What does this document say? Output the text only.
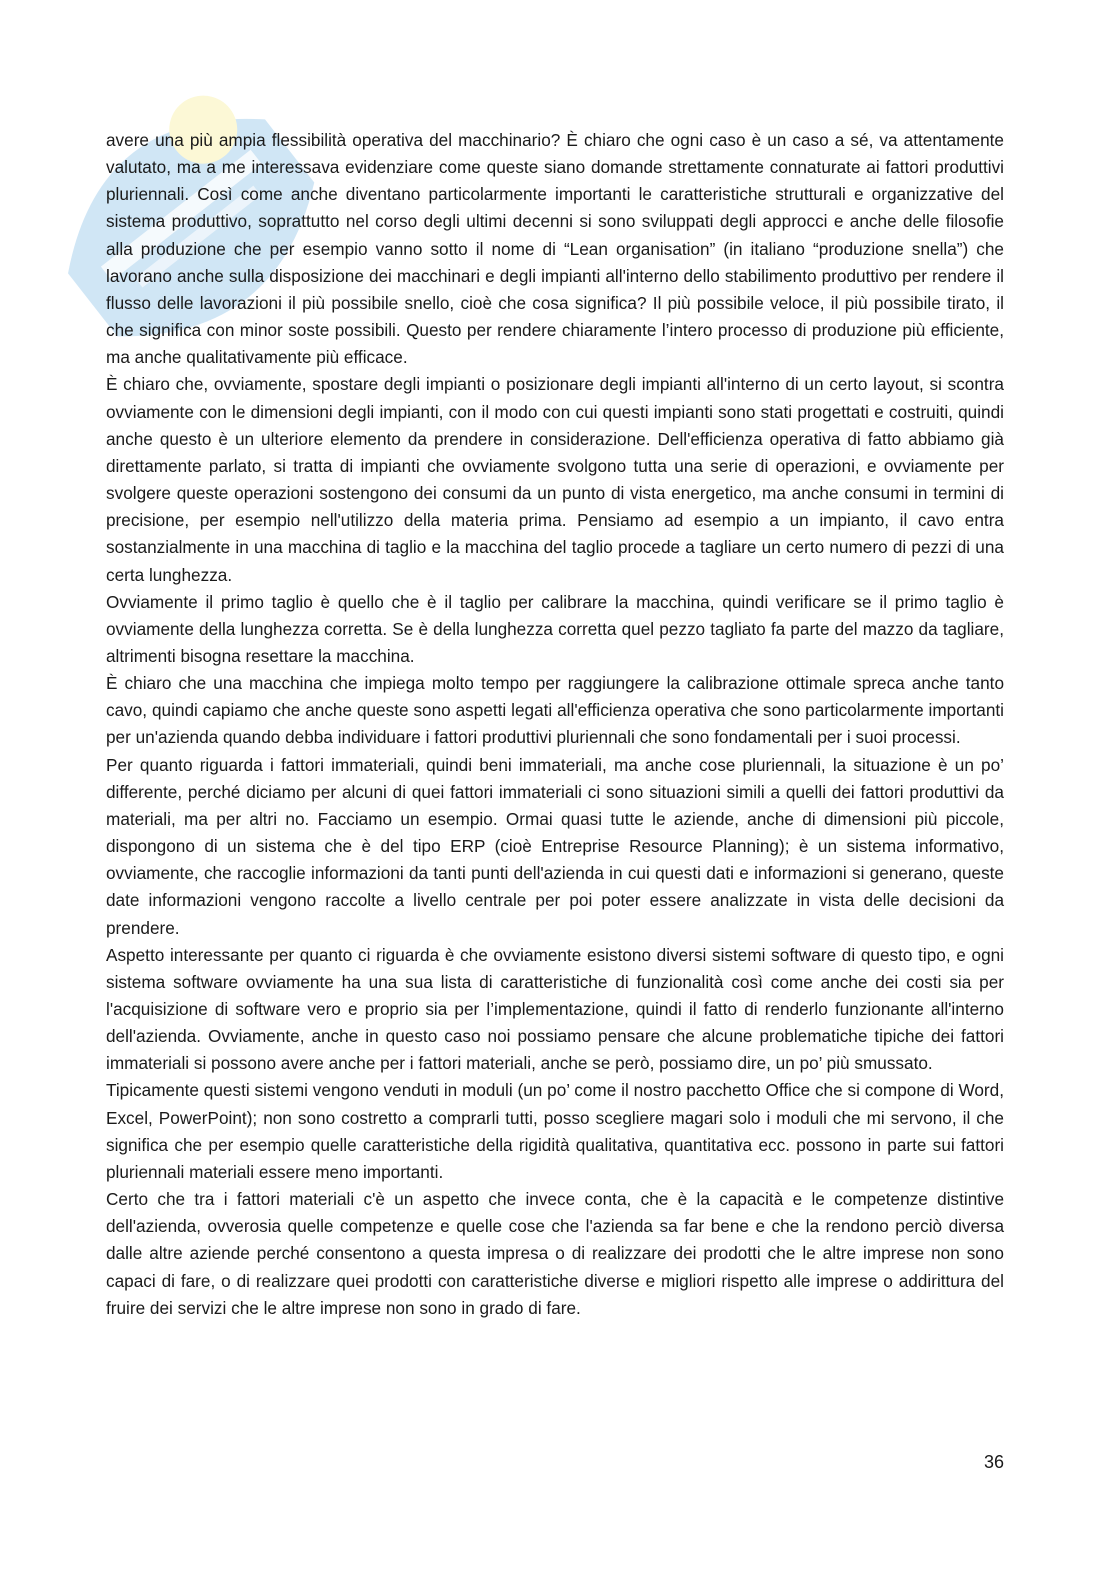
avere una più ampia flessibilità operativa del macchinario? È chiaro che ogni caso è un caso a sé, va attentamente valutato, ma a me interessava evidenziare come queste siano domande strettamente connaturate ai fattori produttivi pluriennali. Così come anche diventano particolarmente importanti le caratteristiche strutturali e organizzative del sistema produttivo, soprattutto nel corso degli ultimi decenni si sono sviluppati degli approcci e anche delle filosofie alla produzione che per esempio vanno sotto il nome di “Lean organisation” (in italiano “produzione snella”) che lavorano anche sulla disposizione dei macchinari e degli impianti all'interno dello stabilimento produttivo per rendere il flusso delle lavorazioni il più possibile snello, cioè che cosa significa? Il più possibile veloce, il più possibile tirato, il che significa con minor soste possibili. Questo per rendere chiaramente l’intero processo di produzione più efficiente, ma anche qualitativamente più efficace.

È chiaro che, ovviamente, spostare degli impianti o posizionare degli impianti all'interno di un certo layout, si scontra ovviamente con le dimensioni degli impianti, con il modo con cui questi impianti sono stati progettati e costruiti, quindi anche questo è un ulteriore elemento da prendere in considerazione. Dell'efficienza operativa di fatto abbiamo già direttamente parlato, si tratta di impianti che ovviamente svolgono tutta una serie di operazioni, e ovviamente per svolgere queste operazioni sostengono dei consumi da un punto di vista energetico, ma anche consumi in termini di precisione, per esempio nell'utilizzo della materia prima. Pensiamo ad esempio a un impianto, il cavo entra sostanzialmente in una macchina di taglio e la macchina del taglio procede a tagliare un certo numero di pezzi di una certa lunghezza.

Ovviamente il primo taglio è quello che è il taglio per calibrare la macchina, quindi verificare se il primo taglio è ovviamente della lunghezza corretta. Se è della lunghezza corretta quel pezzo tagliato fa parte del mazzo da tagliare, altrimenti bisogna resettare la macchina.

È chiaro che una macchina che impiega molto tempo per raggiungere la calibrazione ottimale spreca anche tanto cavo, quindi capiamo che anche queste sono aspetti legati all'efficienza operativa che sono particolarmente importanti per un'azienda quando debba individuare i fattori produttivi pluriennali che sono fondamentali per i suoi processi.

Per quanto riguarda i fattori immateriali, quindi beni immateriali, ma anche cose pluriennali, la situazione è un po’ differente, perché diciamo per alcuni di quei fattori immateriali ci sono situazioni simili a quelli dei fattori produttivi da materiali, ma per altri no. Facciamo un esempio. Ormai quasi tutte le aziende, anche di dimensioni più piccole, dispongono di un sistema che è del tipo ERP (cioè Entreprise Resource Planning); è un sistema informativo, ovviamente, che raccoglie informazioni da tanti punti dell'azienda in cui questi dati e informazioni si generano, queste date informazioni vengono raccolte a livello centrale per poi poter essere analizzate in vista delle decisioni da prendere.

Aspetto interessante per quanto ci riguarda è che ovviamente esistono diversi sistemi software di questo tipo, e ogni sistema software ovviamente ha una sua lista di caratteristiche di funzionalità così come anche dei costi sia per l'acquisizione di software vero e proprio sia per l’implementazione, quindi il fatto di renderlo funzionante all'interno dell'azienda. Ovviamente, anche in questo caso noi possiamo pensare che alcune problematiche tipiche dei fattori immateriali si possono avere anche per i fattori materiali, anche se però, possiamo dire, un po’ più smussato.

Tipicamente questi sistemi vengono venduti in moduli (un po’ come il nostro pacchetto Office che si compone di Word, Excel, PowerPoint); non sono costretto a comprarli tutti, posso scegliere magari solo i moduli che mi servono, il che significa che per esempio quelle caratteristiche della rigidità qualitativa, quantitativa ecc. possono in parte sui fattori pluriennali materiali essere meno importanti.

Certo che tra i fattori materiali c'è un aspetto che invece conta, che è la capacità e le competenze distintive dell'azienda, ovverosia quelle competenze e quelle cose che l'azienda sa far bene e che la rendono perciò diversa dalle altre aziende perché consentono a questa impresa o di realizzare dei prodotti che le altre imprese non sono capaci di fare, o di realizzare quei prodotti con caratteristiche diverse e migliori rispetto alle imprese o addirittura del fruire dei servizi che le altre imprese non sono in grado di fare.

36
